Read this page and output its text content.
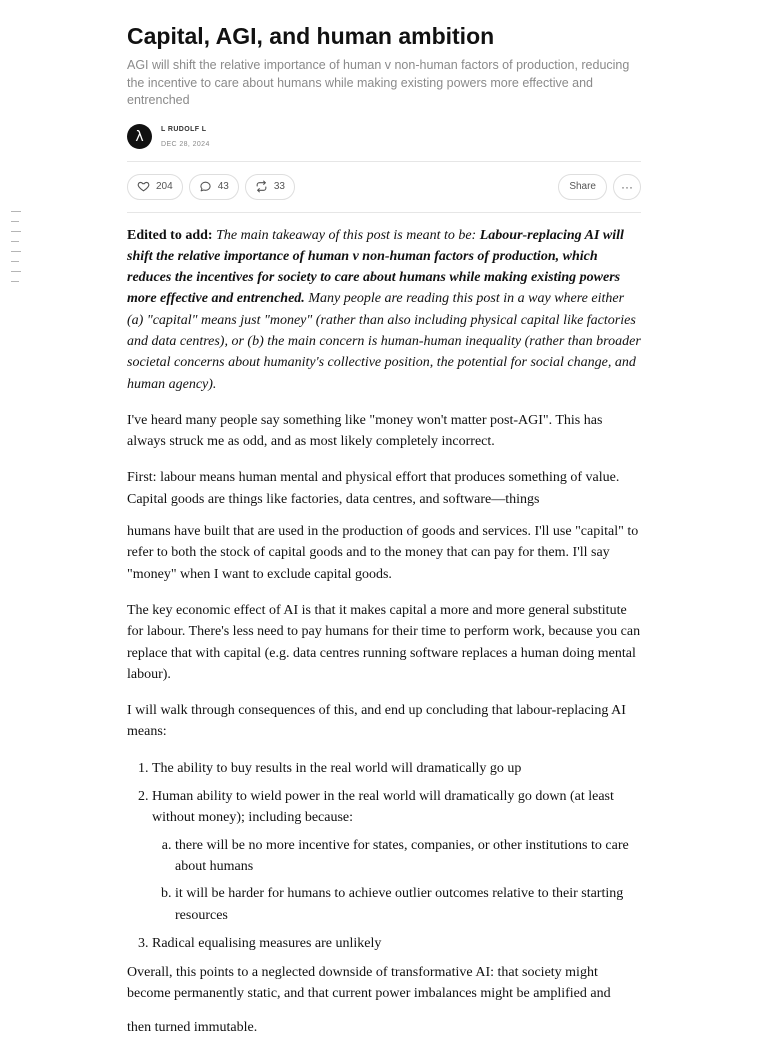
Capital, AGI, and human ambition

AGI will shift the relative importance of human v non-human factors of production, reducing the incentive to care about humans while making existing powers more effective and entrenched

λ L RUDOLF L
DEC 28, 2024
204	43	33	Share	···

Edited to add: The main takeaway of this post is meant to be: Labour-replacing AI will shift the relative importance of human v non-human factors of production, which reduces the incentives for society to care about humans while making existing powers more effective and entrenched. Many people are reading this post in a way where either (a) "capital" means just "money" (rather than also including physical capital like factories and data centres), or (b) the main concern is human-human inequality (rather than broader societal concerns about humanity's collective position, the potential for social change, and human agency).

I've heard many people say something like "money won't matter post-AGI". This has always struck me as odd, and as most likely completely incorrect.

First: labour means human mental and physical effort that produces something of value. Capital goods are things like factories, data centres, and software—things

humans have built that are used in the production of goods and services. I'll use "capital" to refer to both the stock of capital goods and to the money that can pay for them. I'll say "money" when I want to exclude capital goods.

The key economic effect of AI is that it makes capital a more and more general substitute for labour. There's less need to pay humans for their time to perform work, because you can replace that with capital (e.g. data centres running software replaces a human doing mental labour).

I will walk through consequences of this, and end up concluding that labour-replacing AI means:

1. The ability to buy results in the real world will dramatically go up
2. Human ability to wield power in the real world will dramatically go down (at least without money); including because:
a. there will be no more incentive for states, companies, or other institutions to care about humans
b. it will be harder for humans to achieve outlier outcomes relative to their starting resources
3. Radical equalising measures are unlikely

Overall, this points to a neglected downside of transformative AI: that society might become permanently static, and that current power imbalances might be amplified and

then turned immutable.
